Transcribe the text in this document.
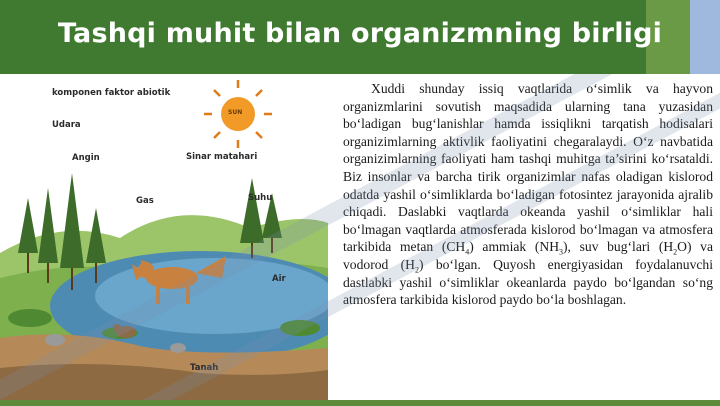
Tashqi muhit bilan organizmning birligi
komponen faktor abiotik
SUN
Udara
Angin	Sinar matahari
Gas	Suhu
Air
Tanah

Xuddi shunday issiq vaqtlarida o‘simlik va hayvon organizmlarini sovutish maqsadida ularning tana yuzasidan bo‘ladigan bug‘lanishlar hamda issiqlikni tarqatish hodisalari organizimlarning aktivlik faoliyatini chegaralaydi. O‘z navbatida organizimlarning faoliyati ham tashqi muhitga ta’sirini ko‘rsataldi. Biz insonlar va barcha tirik organizimlar nafas oladigan kislorod odatda yashil o‘simliklarda bo‘ladigan fotosintez jarayonida ajralib chiqadi. Daslabki vaqtlarda okeanda yashil o‘simliklar hali bo‘lmagan vaqtlarda atmosferada kislorod bo‘lmagan va atmosfera tarkibida metan $(CH_4)$ ammiak $(NH_3)$, suv bug‘lari $(H_2O)$ va vodorod $(H_2)$ bo‘lgan. Quyosh energiyasidan foydalanuvchi dastlabki yashil o‘simliklar okeanlarda paydo bo‘lgandan so‘ng atmosfera tarkibida kislorod paydo bo‘la boshlagan.
